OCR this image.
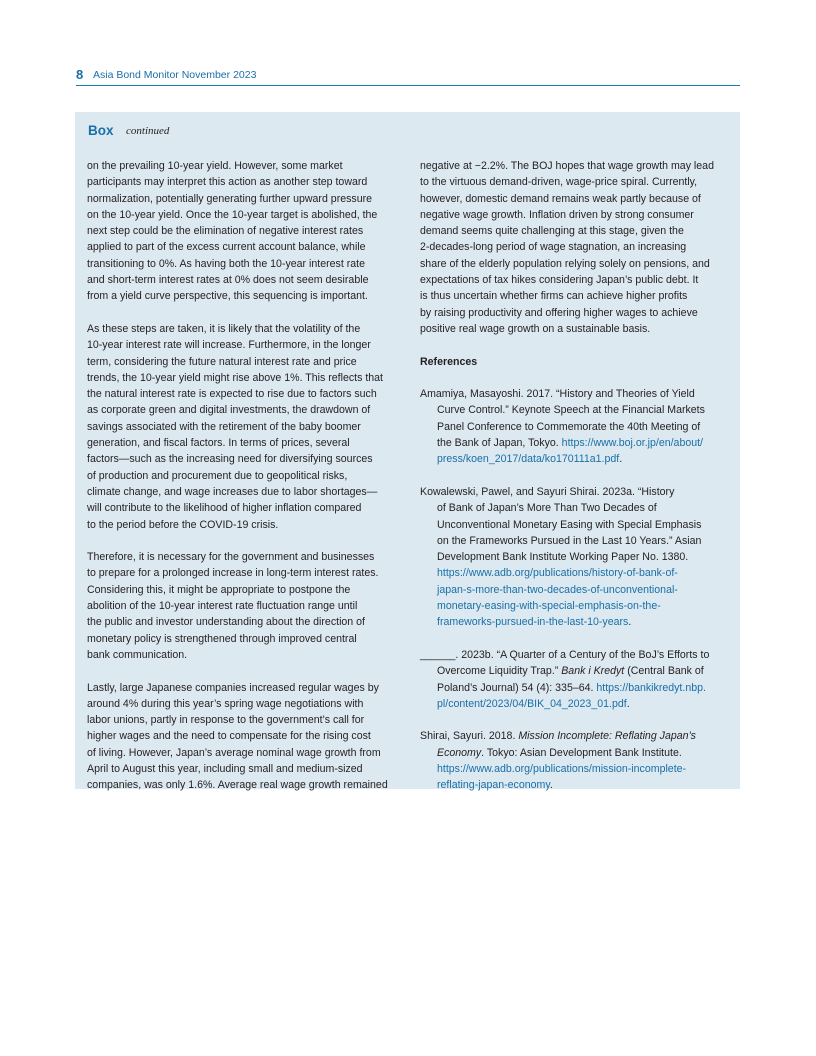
8 Asia Bond Monitor November 2023
Box continued

on the prevailing 10-year yield. However, some market
participants may interpret this action as another step toward
normalization, potentially generating further upward pressure
on the 10-year yield. Once the 10-year target is abolished, the
next step could be the elimination of negative interest rates
applied to part of the excess current account balance, while
transitioning to 0%. As having both the 10-year interest rate
and short-term interest rates at 0% does not seem desirable
from a yield curve perspective, this sequencing is important.

As these steps are taken, it is likely that the volatility of the
10-year interest rate will increase. Furthermore, in the longer
term, considering the future natural interest rate and price
trends, the 10-year yield might rise above 1%. This reflects that
the natural interest rate is expected to rise due to factors such
as corporate green and digital investments, the drawdown of
savings associated with the retirement of the baby boomer
generation, and fiscal factors. In terms of prices, several
factors—such as the increasing need for diversifying sources
of production and procurement due to geopolitical risks,
climate change, and wage increases due to labor shortages—
will contribute to the likelihood of higher inflation compared
to the period before the COVID-19 crisis.

Therefore, it is necessary for the government and businesses
to prepare for a prolonged increase in long-term interest rates.
Considering this, it might be appropriate to postpone the
abolition of the 10-year interest rate fluctuation range until
the public and investor understanding about the direction of
monetary policy is strengthened through improved central
bank communication.

Lastly, large Japanese companies increased regular wages by
around 4% during this year’s spring wage negotiations with
labor unions, partly in response to the government’s call for
higher wages and the need to compensate for the rising cost
of living. However, Japan’s average nominal wage growth from
April to August this year, including small and medium-sized
companies, was only 1.6%. Average real wage growth remained

negative at −2.2%. The BOJ hopes that wage growth may lead
to the virtuous demand-driven, wage-price spiral. Currently,
however, domestic demand remains weak partly because of
negative wage growth. Inflation driven by strong consumer
demand seems quite challenging at this stage, given the
2-decades-long period of wage stagnation, an increasing
share of the elderly population relying solely on pensions, and
expectations of tax hikes considering Japan’s public debt. It
is thus uncertain whether firms can achieve higher profits
by raising productivity and offering higher wages to achieve
positive real wage growth on a sustainable basis.

References
Amamiya, Masayoshi. 2017. “History and Theories of Yield
Curve Control.” Keynote Speech at the Financial Markets
Panel Conference to Commemorate the 40th Meeting of
the Bank of Japan, Tokyo. https://www.boj.or.jp/en/about/
press/koen_2017/data/ko170111a1.pdf.
Kowalewski, Pawel, and Sayuri Shirai. 2023a. “History
of Bank of Japan’s More Than Two Decades of
Unconventional Monetary Easing with Special Emphasis
on the Frameworks Pursued in the Last 10 Years.” Asian
Development Bank Institute Working Paper No. 1380.
https://www.adb.org/publications/history-of-bank-of-
japan-s-more-than-two-decades-of-unconventional-
monetary-easing-with-special-emphasis-on-the-
frameworks-pursued-in-the-last-10-years.
______. 2023b. “A Quarter of a Century of the BoJ’s Efforts to
Overcome Liquidity Trap.” Bank i Kredyt (Central Bank of
Poland’s Journal) 54 (4): 335–64. https://bankikredyt.nbp.
pl/content/2023/04/BIK_04_2023_01.pdf.
Shirai, Sayuri. 2018. Mission Incomplete: Reflating Japan’s
Economy. Tokyo: Asian Development Bank Institute.
https://www.adb.org/publications/mission-incomplete-
reflating-japan-economy.
